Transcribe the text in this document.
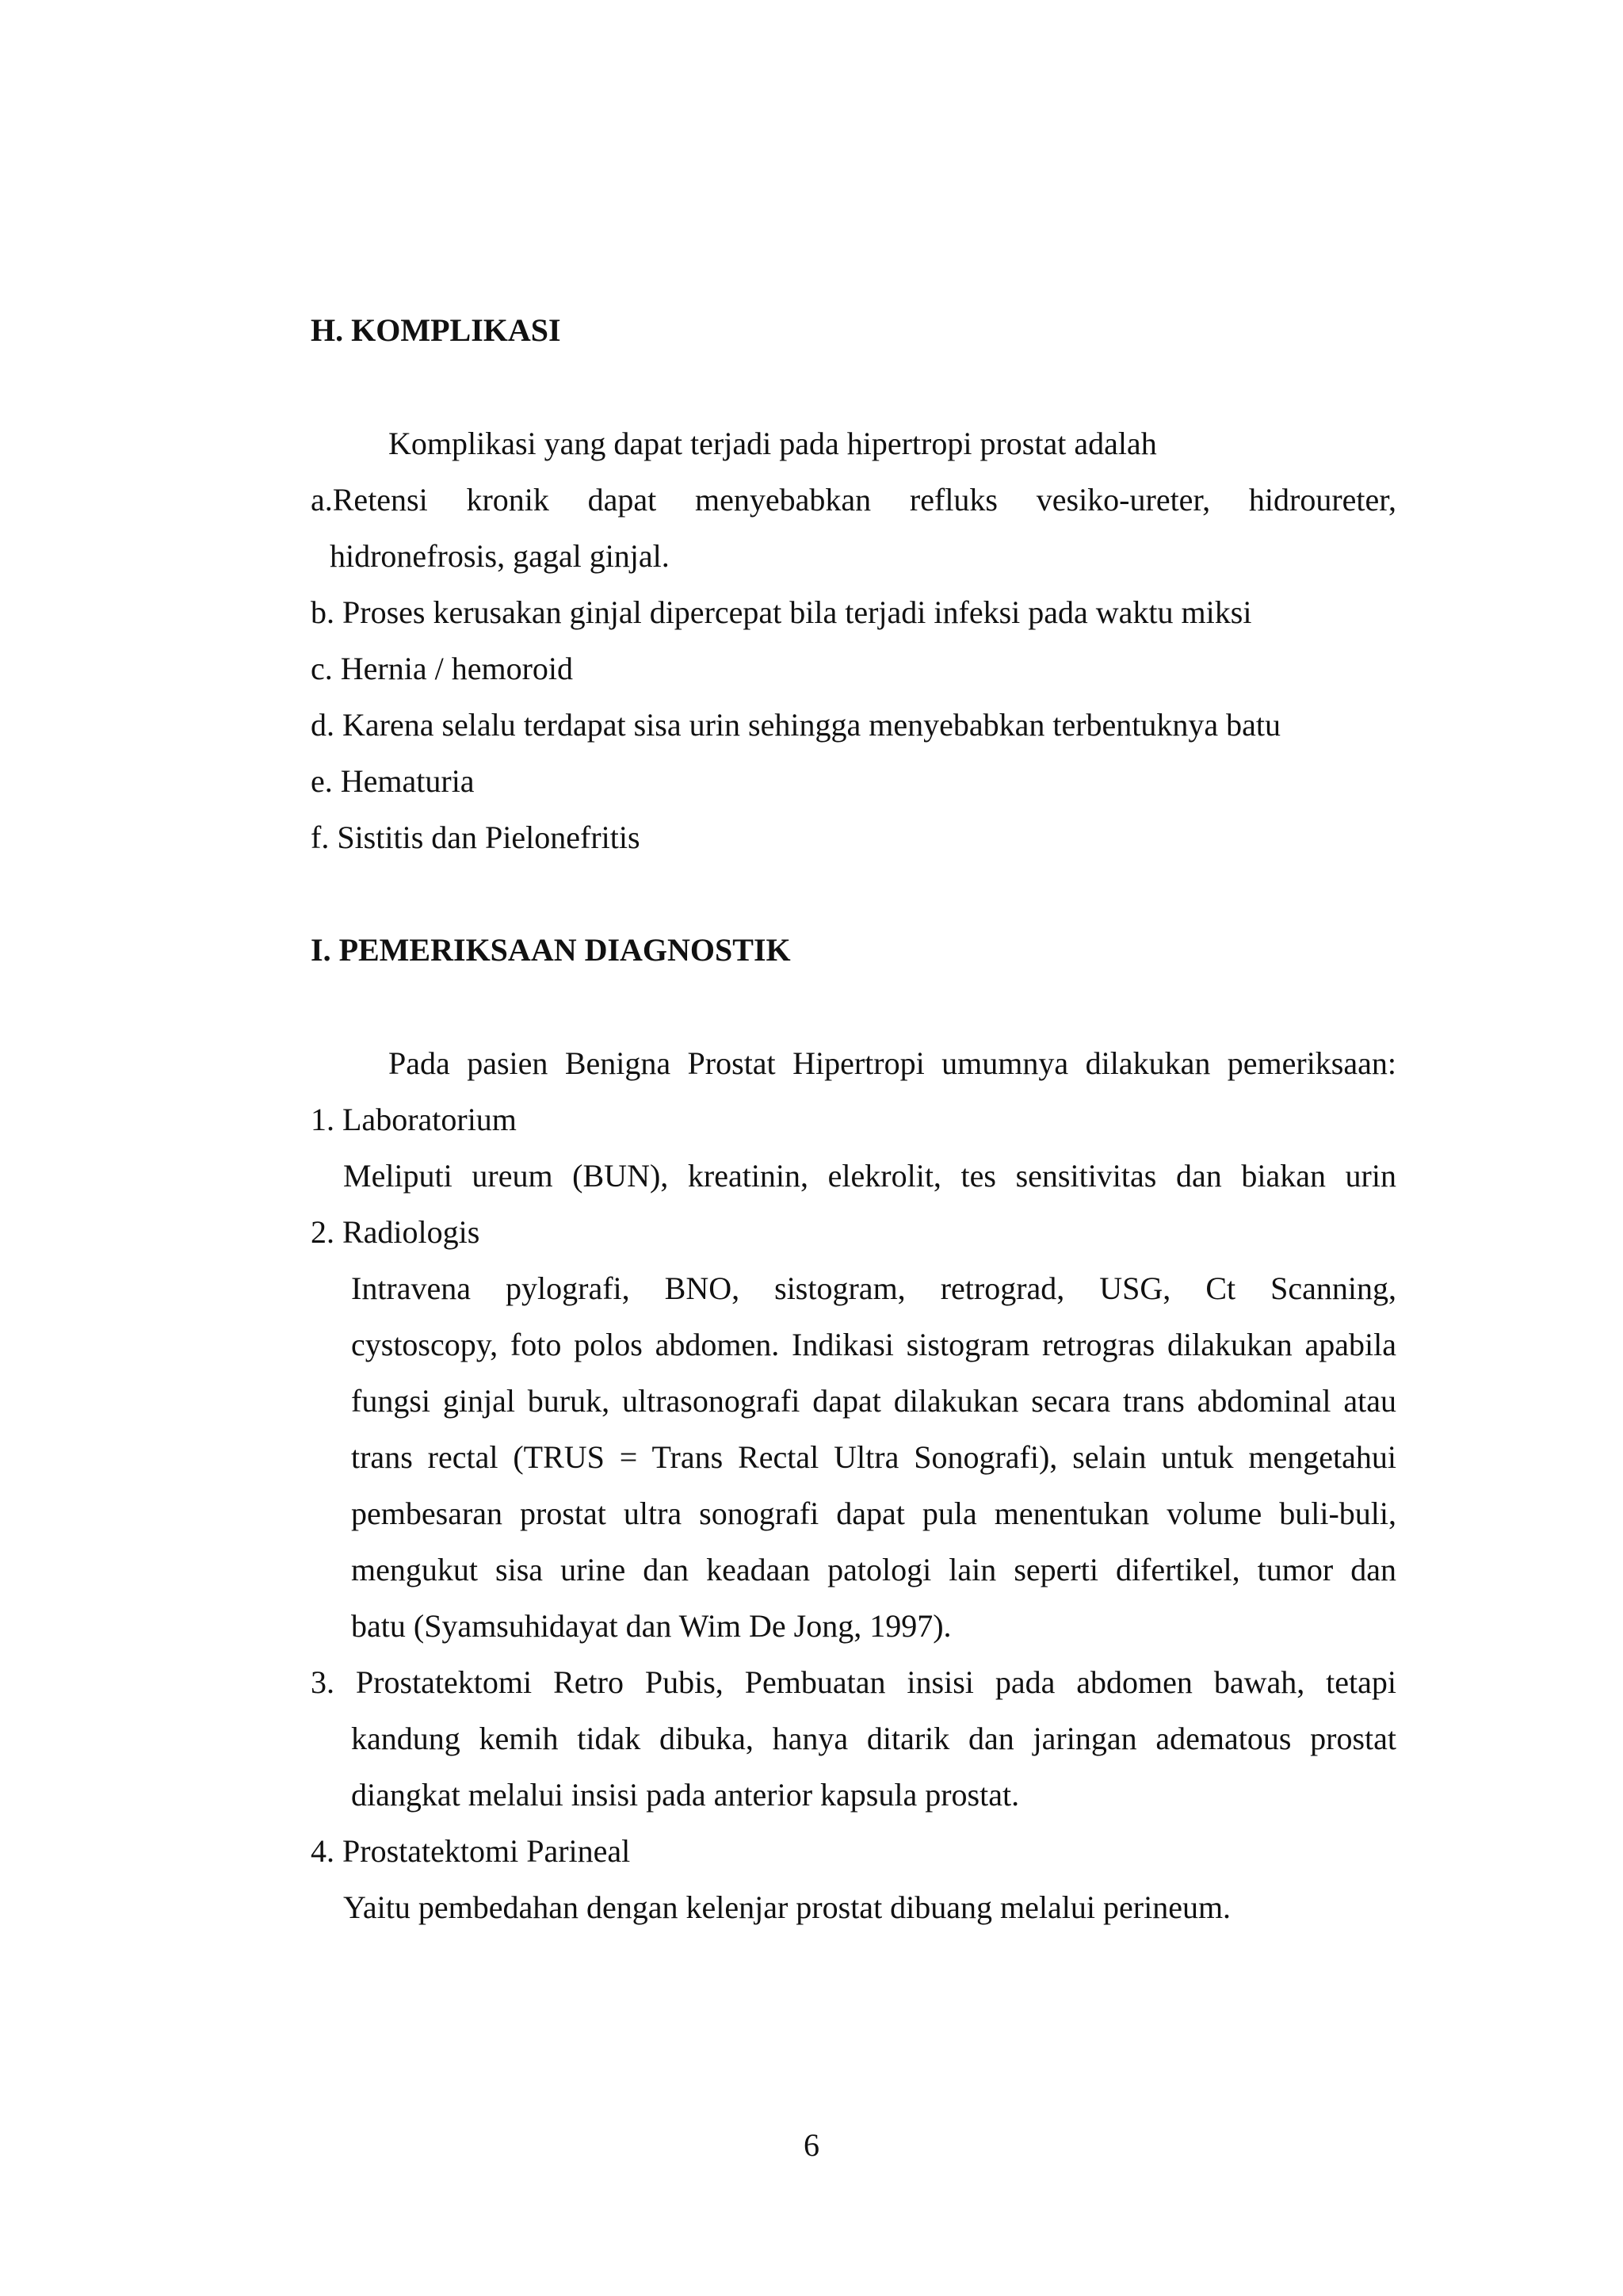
H. KOMPLIKASI
Komplikasi yang dapat terjadi pada hipertropi prostat adalah
a.Retensi kronik dapat menyebabkan refluks vesiko-ureter, hidroureter,
hidronefrosis, gagal ginjal.
b. Proses kerusakan ginjal dipercepat bila terjadi infeksi pada waktu miksi
c. Hernia / hemoroid
d. Karena selalu terdapat sisa urin sehingga menyebabkan terbentuknya batu
e. Hematuria
f. Sistitis dan Pielonefritis
I. PEMERIKSAAN DIAGNOSTIK
Pada pasien Benigna Prostat Hipertropi umumnya dilakukan pemeriksaan:
1. Laboratorium
Meliputi ureum (BUN), kreatinin, elekrolit, tes sensitivitas dan biakan urin
2. Radiologis
Intravena pylografi, BNO, sistogram, retrograd, USG, Ct Scanning,
cystoscopy, foto polos abdomen. Indikasi sistogram retrogras dilakukan apabila
fungsi ginjal buruk, ultrasonografi dapat dilakukan secara trans abdominal atau
trans rectal (TRUS = Trans Rectal Ultra Sonografi), selain untuk mengetahui
pembesaran prostat ultra sonografi dapat pula menentukan volume buli-buli,
mengukut sisa urine dan keadaan patologi lain seperti difertikel, tumor dan
batu (Syamsuhidayat dan Wim De Jong, 1997).
3. Prostatektomi Retro Pubis, Pembuatan insisi pada abdomen bawah, tetapi
kandung kemih tidak dibuka, hanya ditarik dan jaringan adematous prostat
diangkat melalui insisi pada anterior kapsula prostat.
4. Prostatektomi Parineal
Yaitu pembedahan dengan kelenjar prostat dibuang melalui perineum.
6
